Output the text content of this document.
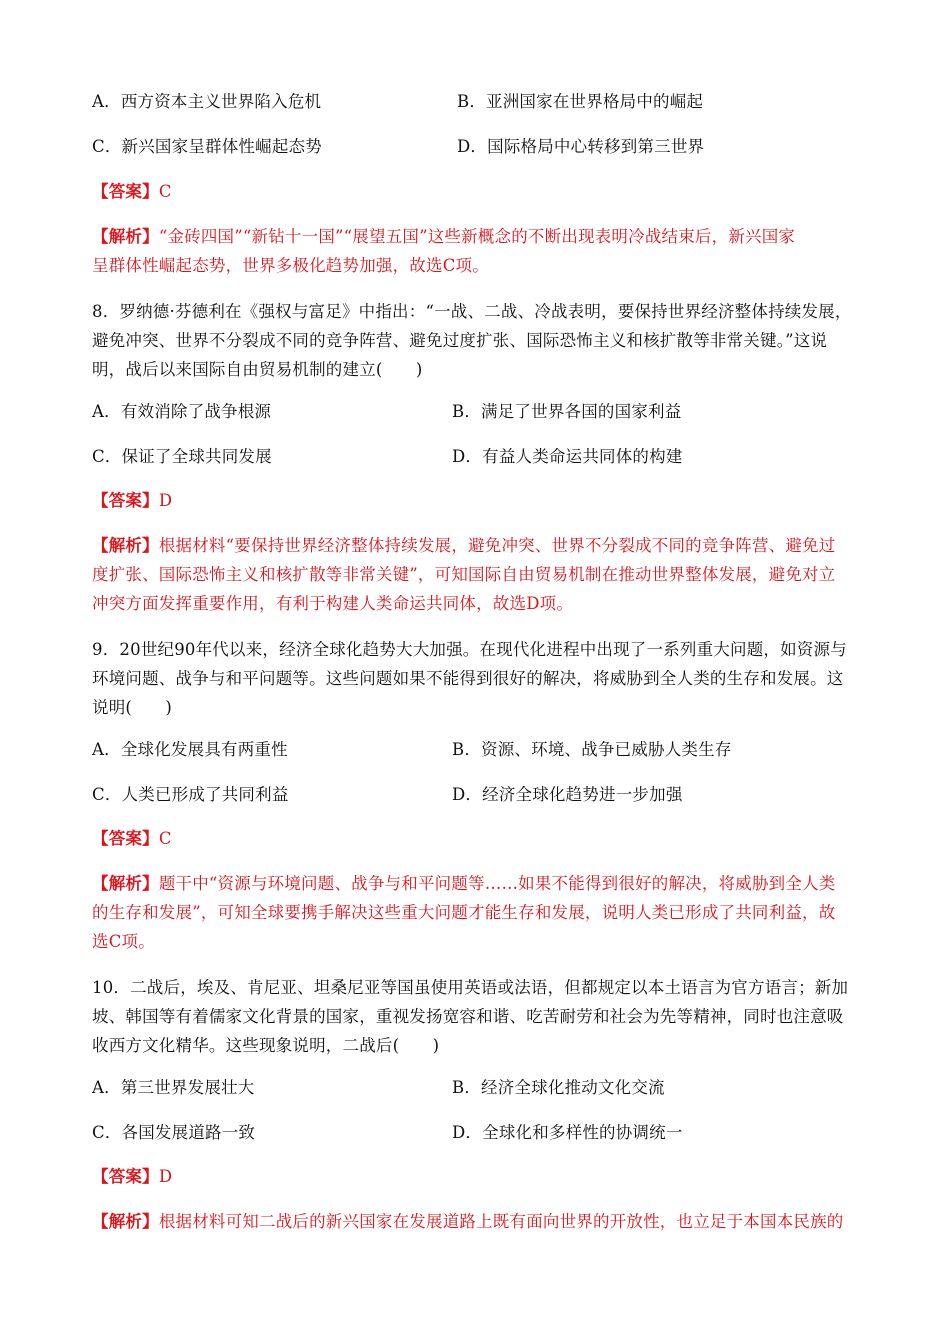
A．西方资本主义世界陷入危机	B．亚洲国家在世界格局中的崛起
C．新兴国家呈群体性崛起态势	D．国际格局中心转移到第三世界
【答案】C
【解析】“金砖四国”“新钻十一国”“展望五国”这些新概念的不断出现表明冷战结束后，新兴国家
呈群体性崛起态势，世界多极化趋势加强，故选C项。
8．罗纳德·芬德利在《强权与富足》中指出：“一战、二战、冷战表明，要保持世界经济整体持续发展，
避免冲突、世界不分裂成不同的竞争阵营、避免过度扩张、国际恐怖主义和核扩散等非常关键。”这说
明，战后以来国际自由贸易机制的建立(　　)
A．有效消除了战争根源	B．满足了世界各国的国家利益
C．保证了全球共同发展	D．有益人类命运共同体的构建
【答案】D
【解析】根据材料“要保持世界经济整体持续发展，避免冲突、世界不分裂成不同的竞争阵营、避免过
度扩张、国际恐怖主义和核扩散等非常关键”，可知国际自由贸易机制在推动世界整体发展，避免对立
冲突方面发挥重要作用，有利于构建人类命运共同体，故选D项。
9．20世纪90年代以来，经济全球化趋势大大加强。在现代化进程中出现了一系列重大问题，如资源与
环境问题、战争与和平问题等。这些问题如果不能得到很好的解决，将威胁到全人类的生存和发展。这
说明(　　)
A．全球化发展具有两重性	B．资源、环境、战争已威胁人类生存
C．人类已形成了共同利益	D．经济全球化趋势进一步加强
【答案】C
【解析】题干中“资源与环境问题、战争与和平问题等……如果不能得到很好的解决，将威胁到全人类
的生存和发展”，可知全球要携手解决这些重大问题才能生存和发展，说明人类已形成了共同利益，故
选C项。
10．二战后，埃及、肯尼亚、坦桑尼亚等国虽使用英语或法语，但都规定以本土语言为官方语言；新加
坡、韩国等有着儒家文化背景的国家，重视发扬宽容和谐、吃苦耐劳和社会为先等精神，同时也注意吸
收西方文化精华。这些现象说明，二战后(　　)
A．第三世界发展壮大	B．经济全球化推动文化交流
C．各国发展道路一致	D．全球化和多样性的协调统一
【答案】D
【解析】根据材料可知二战后的新兴国家在发展道路上既有面向世界的开放性，也立足于本国本民族的
